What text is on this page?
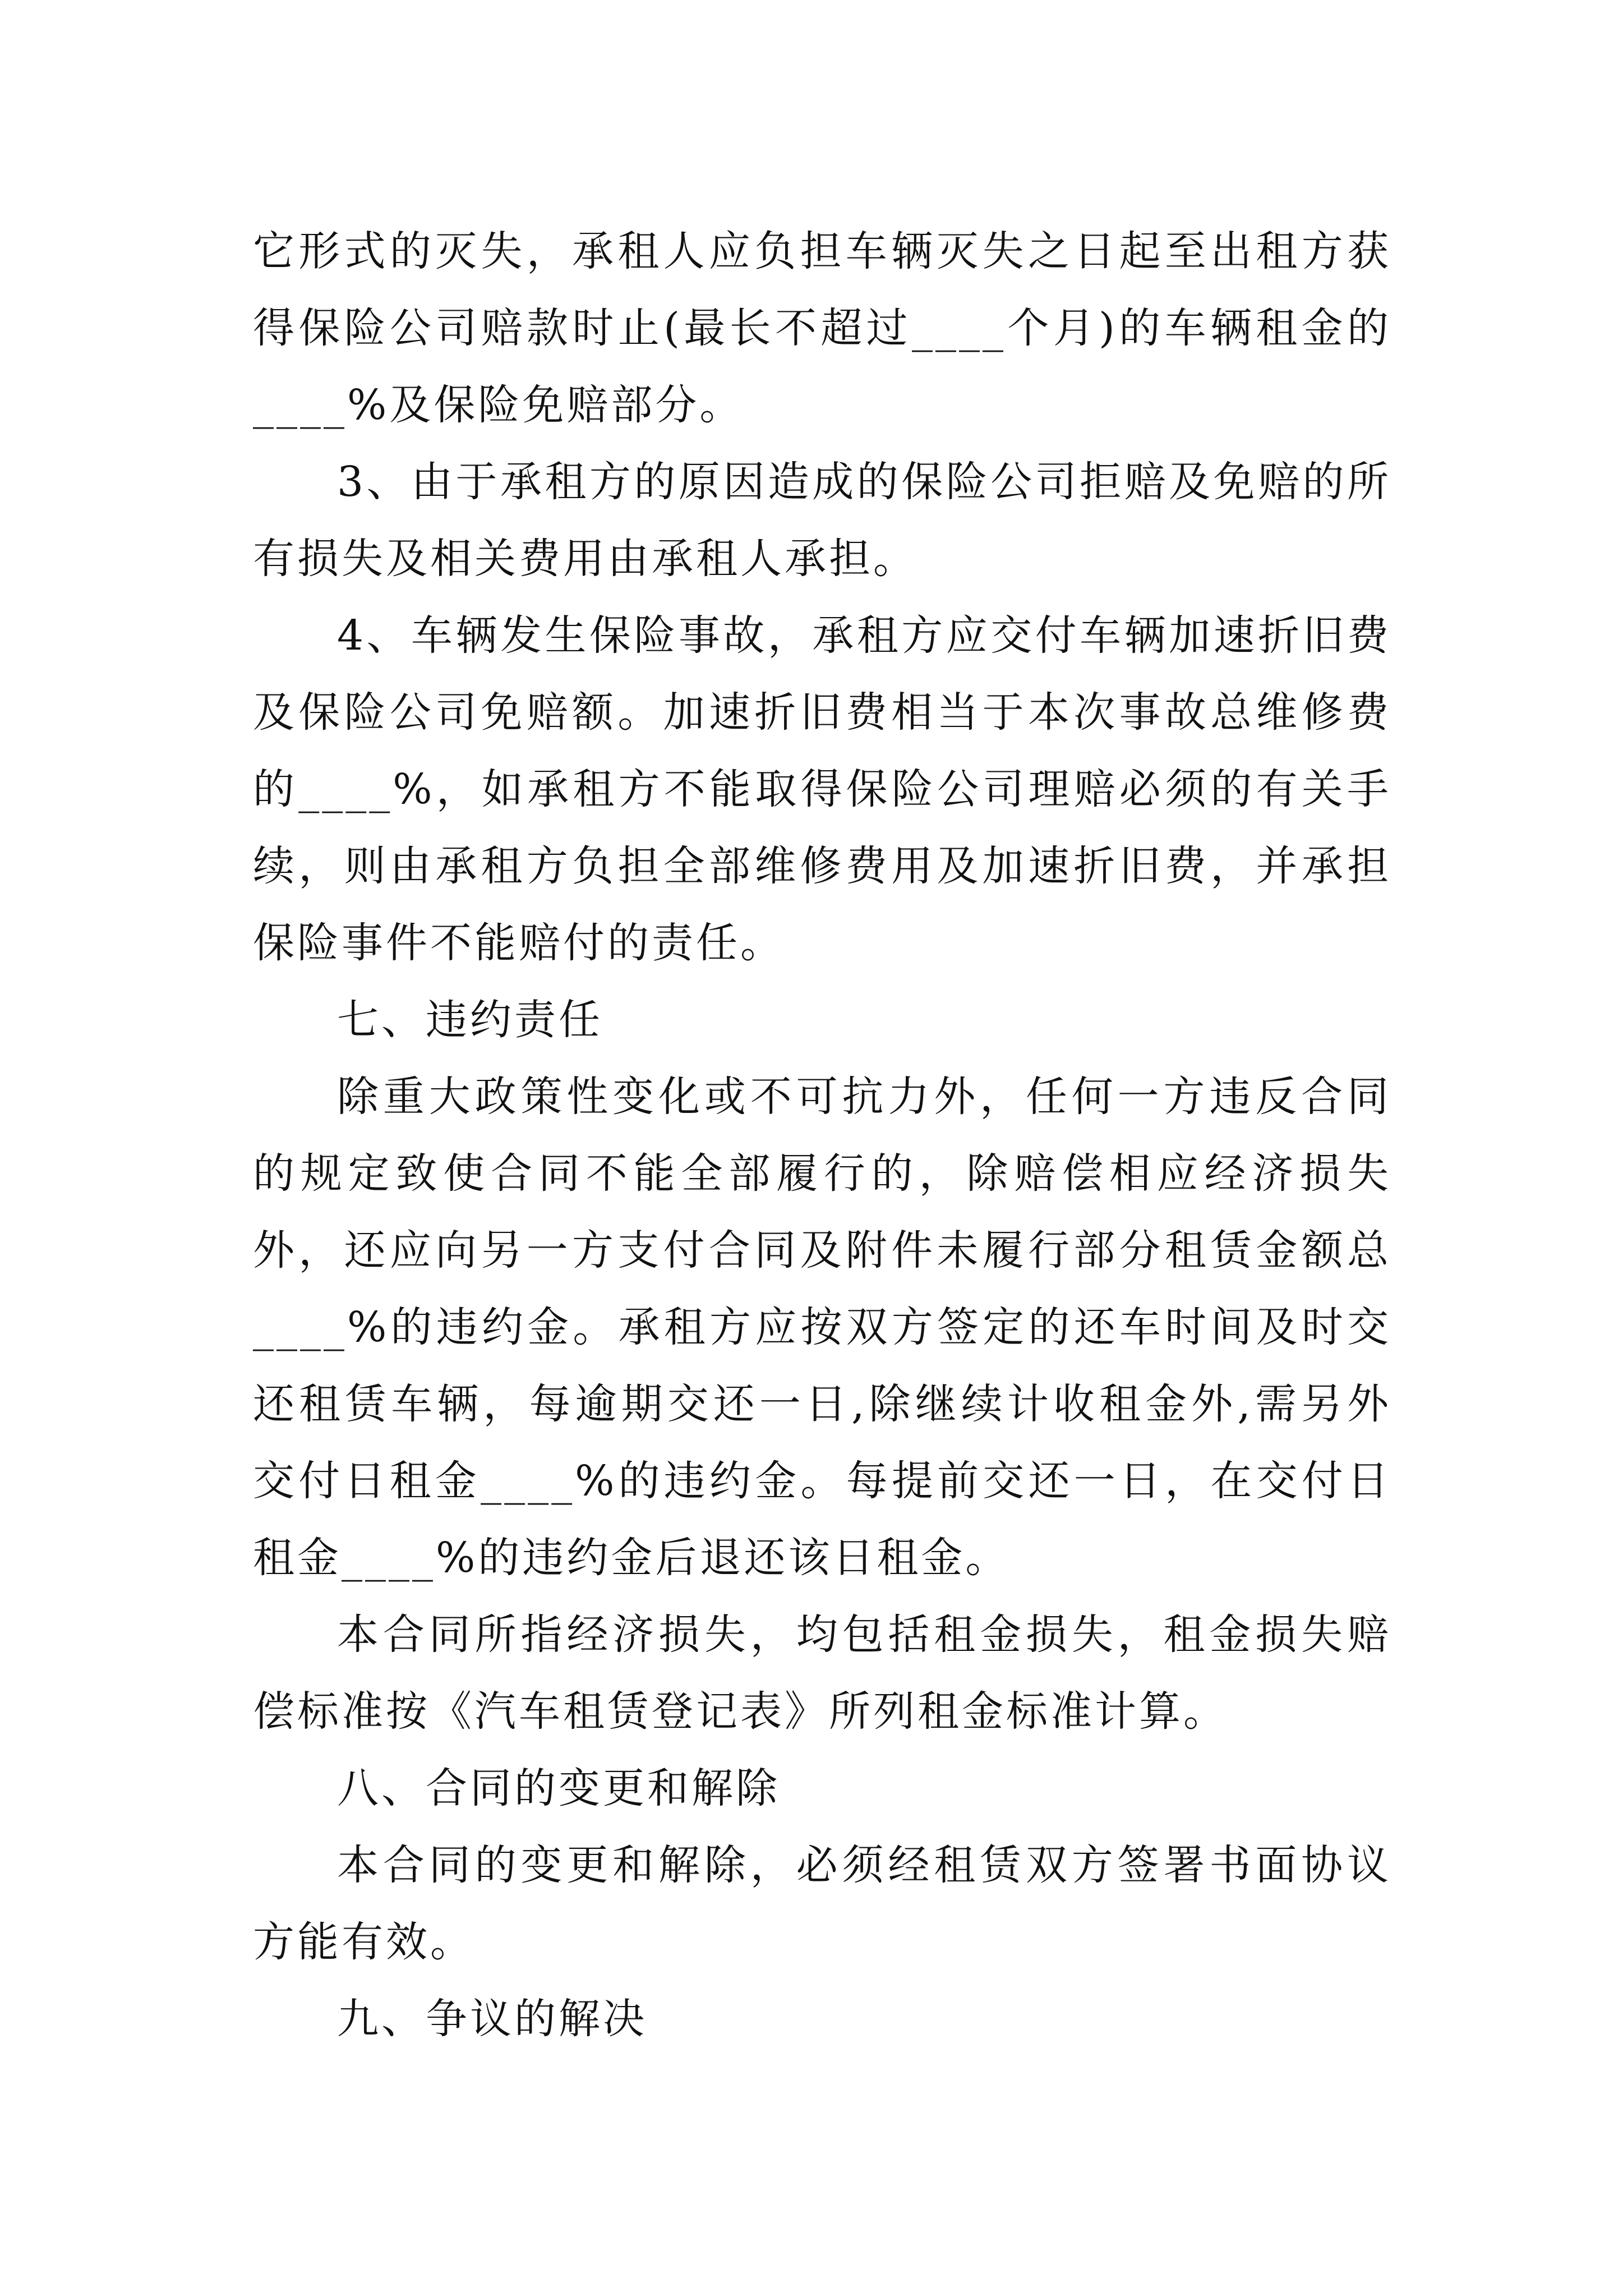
它形式的灭失，承租人应负担车辆灭失之日起至出租方获得保险公司赔款时止(最长不超过____个月)的车辆租金的____%及保险免赔部分。

3、由于承租方的原因造成的保险公司拒赔及免赔的所有损失及相关费用由承租人承担。

4、车辆发生保险事故，承租方应交付车辆加速折旧费及保险公司免赔额。加速折旧费相当于本次事故总维修费的____%，如承租方不能取得保险公司理赔必须的有关手续，则由承租方负担全部维修费用及加速折旧费，并承担保险事件不能赔付的责任。

七、违约责任

除重大政策性变化或不可抗力外，任何一方违反合同的规定致使合同不能全部履行的，除赔偿相应经济损失外，还应向另一方支付合同及附件未履行部分租赁金额总____%的违约金。承租方应按双方签定的还车时间及时交还租赁车辆，每逾期交还一日,除继续计收租金外,需另外交付日租金____%的违约金。每提前交还一日，在交付日租金____%的违约金后退还该日租金。

本合同所指经济损失，均包括租金损失，租金损失赔偿标准按《汽车租赁登记表》所列租金标准计算。

八、合同的变更和解除

本合同的变更和解除，必须经租赁双方签署书面协议方能有效。

九、争议的解决
